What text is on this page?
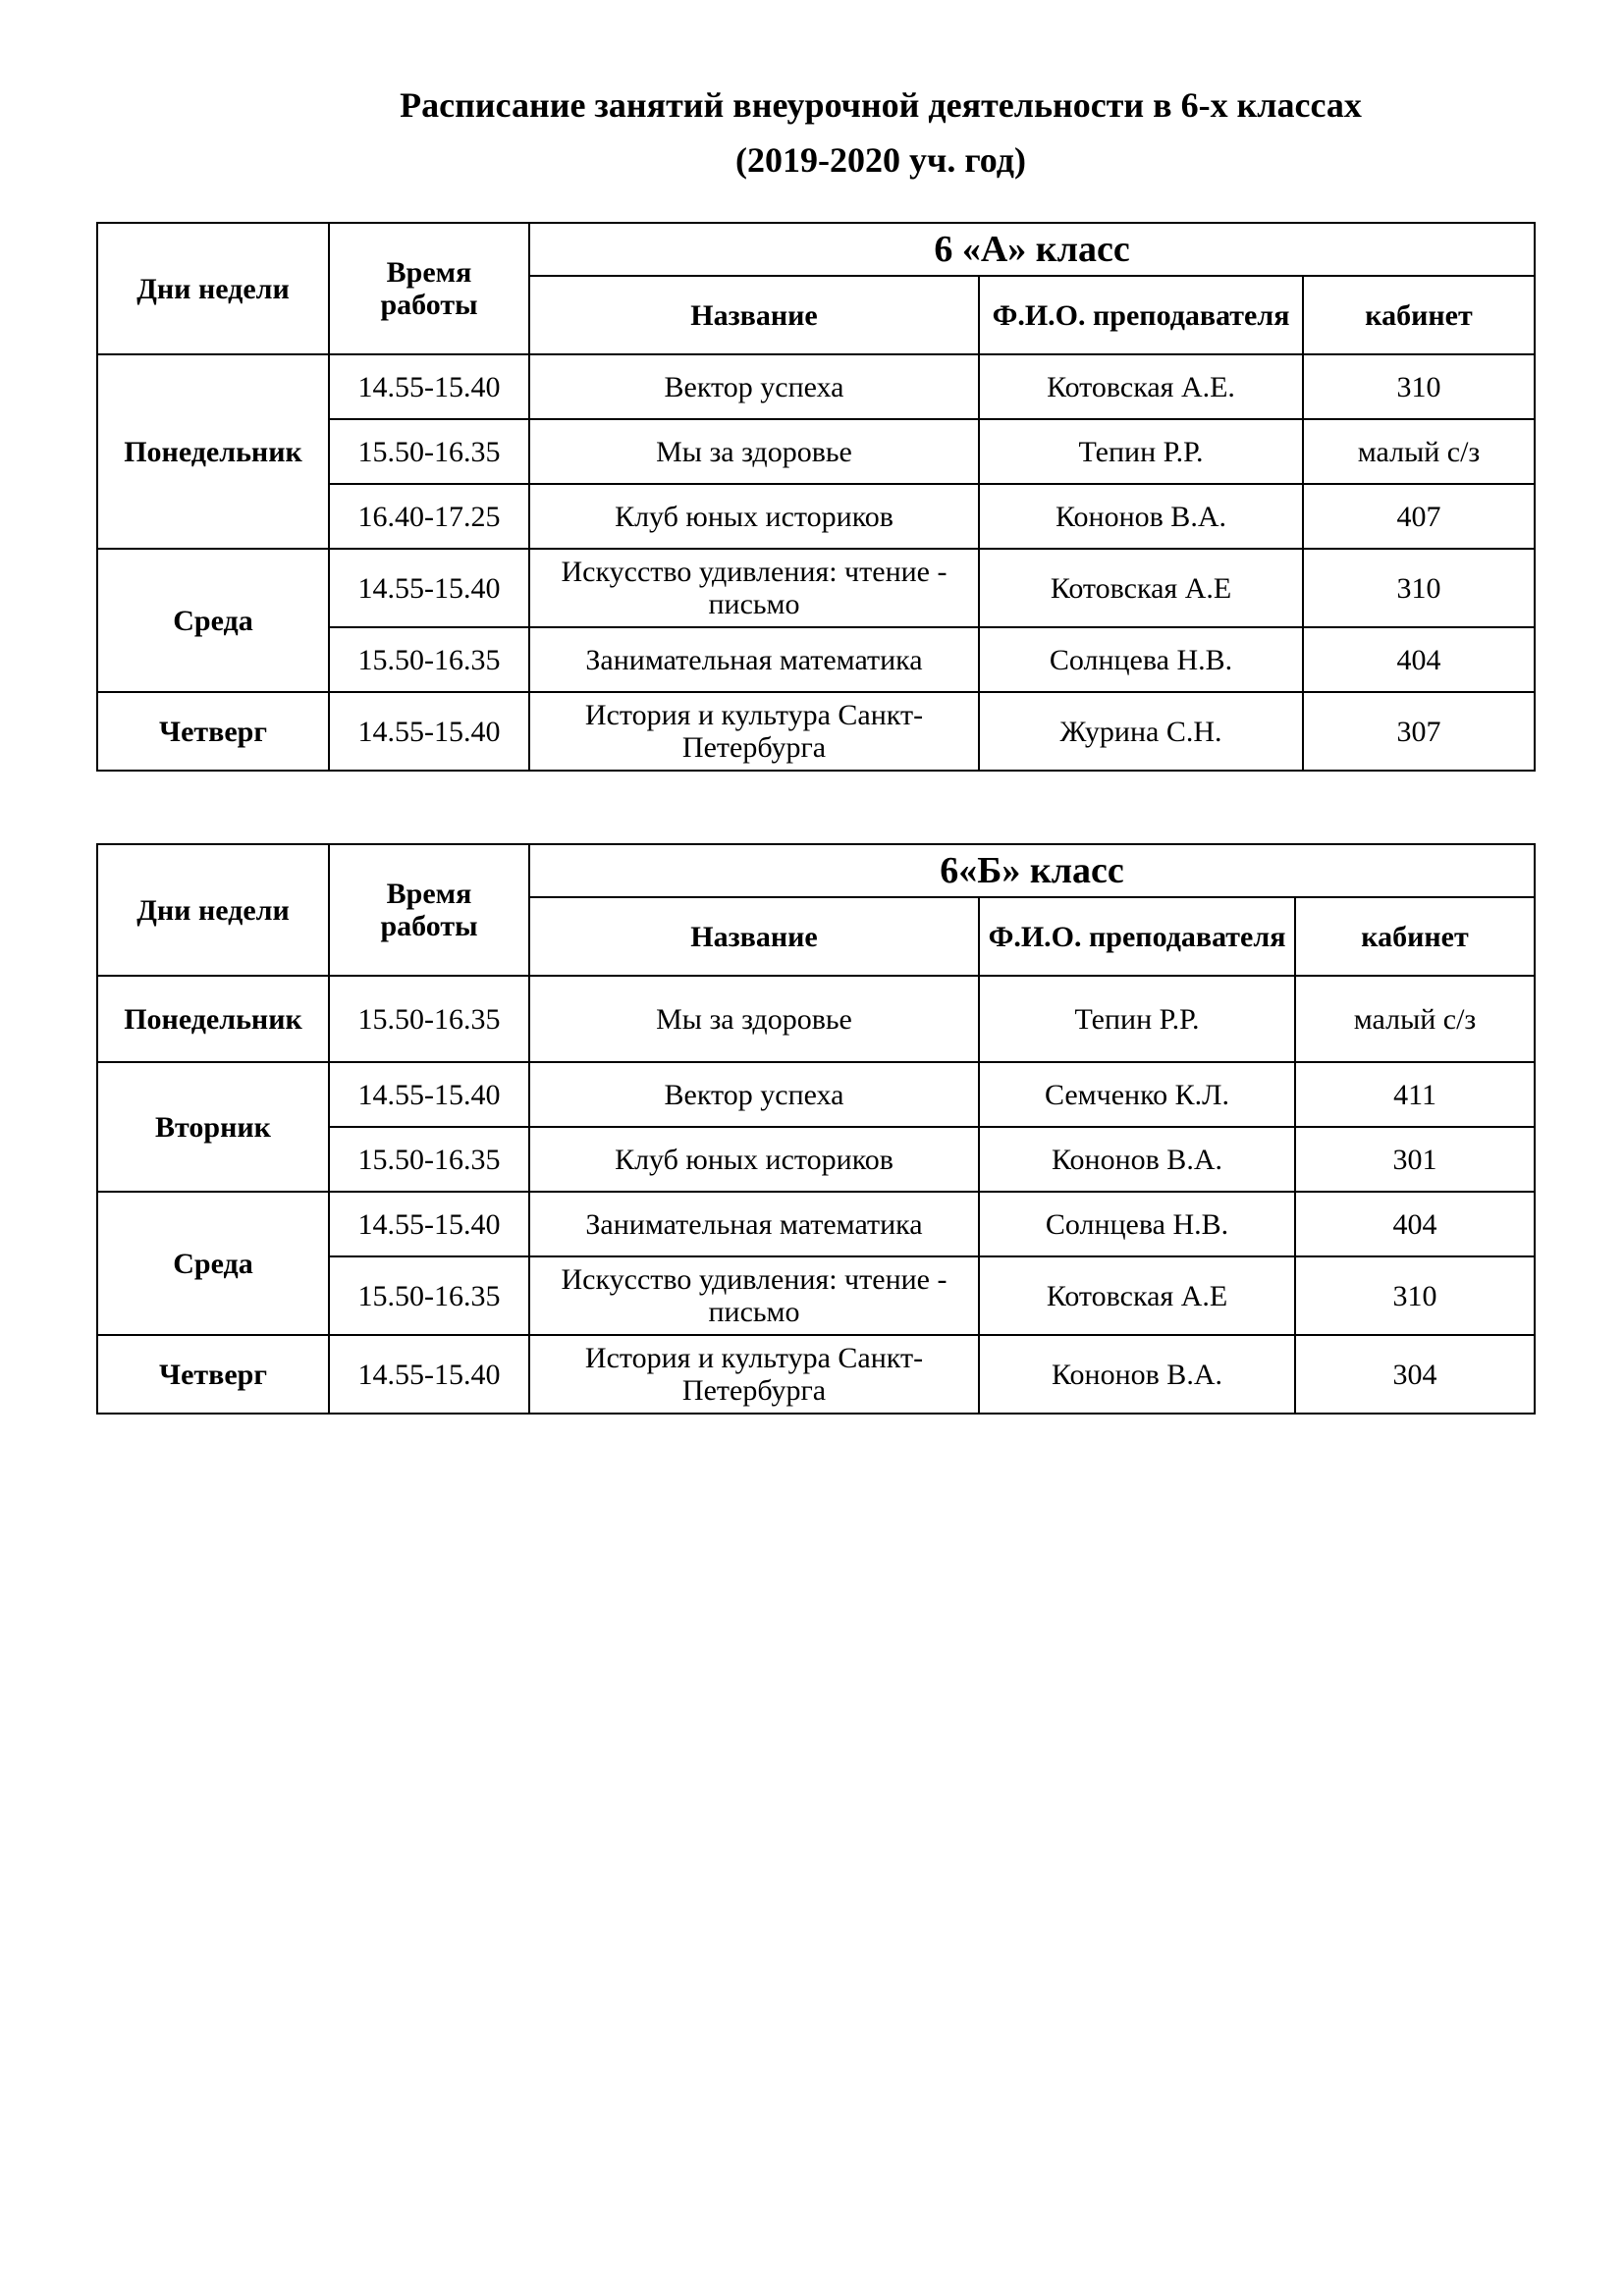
Расписание занятий внеурочной деятельности в 6-х классах
(2019-2020 уч. год)
Дни недели	Время работы	6 «А» класс		
		Название	Ф.И.О. преподавателя	кабинет
Понедельник	14.55-15.40	Вектор успеха	Котовская А.Е.	310
	15.50-16.35	Мы за здоровье	Тепин Р.Р.	малый с/з
	16.40-17.25	Клуб юных историков	Кононов В.А.	407
Среда	14.55-15.40	Искусство удивления: чтение - письмо	Котовская А.Е	310
	15.50-16.35	Занимательная математика	Солнцева Н.В.	404
Четверг	14.55-15.40	История и культура Санкт-Петербурга	Журина С.Н.	307
Дни недели	Время работы	6«Б» класс		
		Название	Ф.И.О. преподавателя	кабинет
Понедельник	15.50-16.35	Мы за здоровье	Тепин Р.Р.	малый с/з
Вторник	14.55-15.40	Вектор успеха	Семченко К.Л.	411
	15.50-16.35	Клуб юных историков	Кононов В.А.	301
Среда	14.55-15.40	Занимательная математика	Солнцева Н.В.	404
	15.50-16.35	Искусство удивления: чтение - письмо	Котовская А.Е	310
Четверг	14.55-15.40	История и культура Санкт-Петербурга	Кононов В.А.	304
